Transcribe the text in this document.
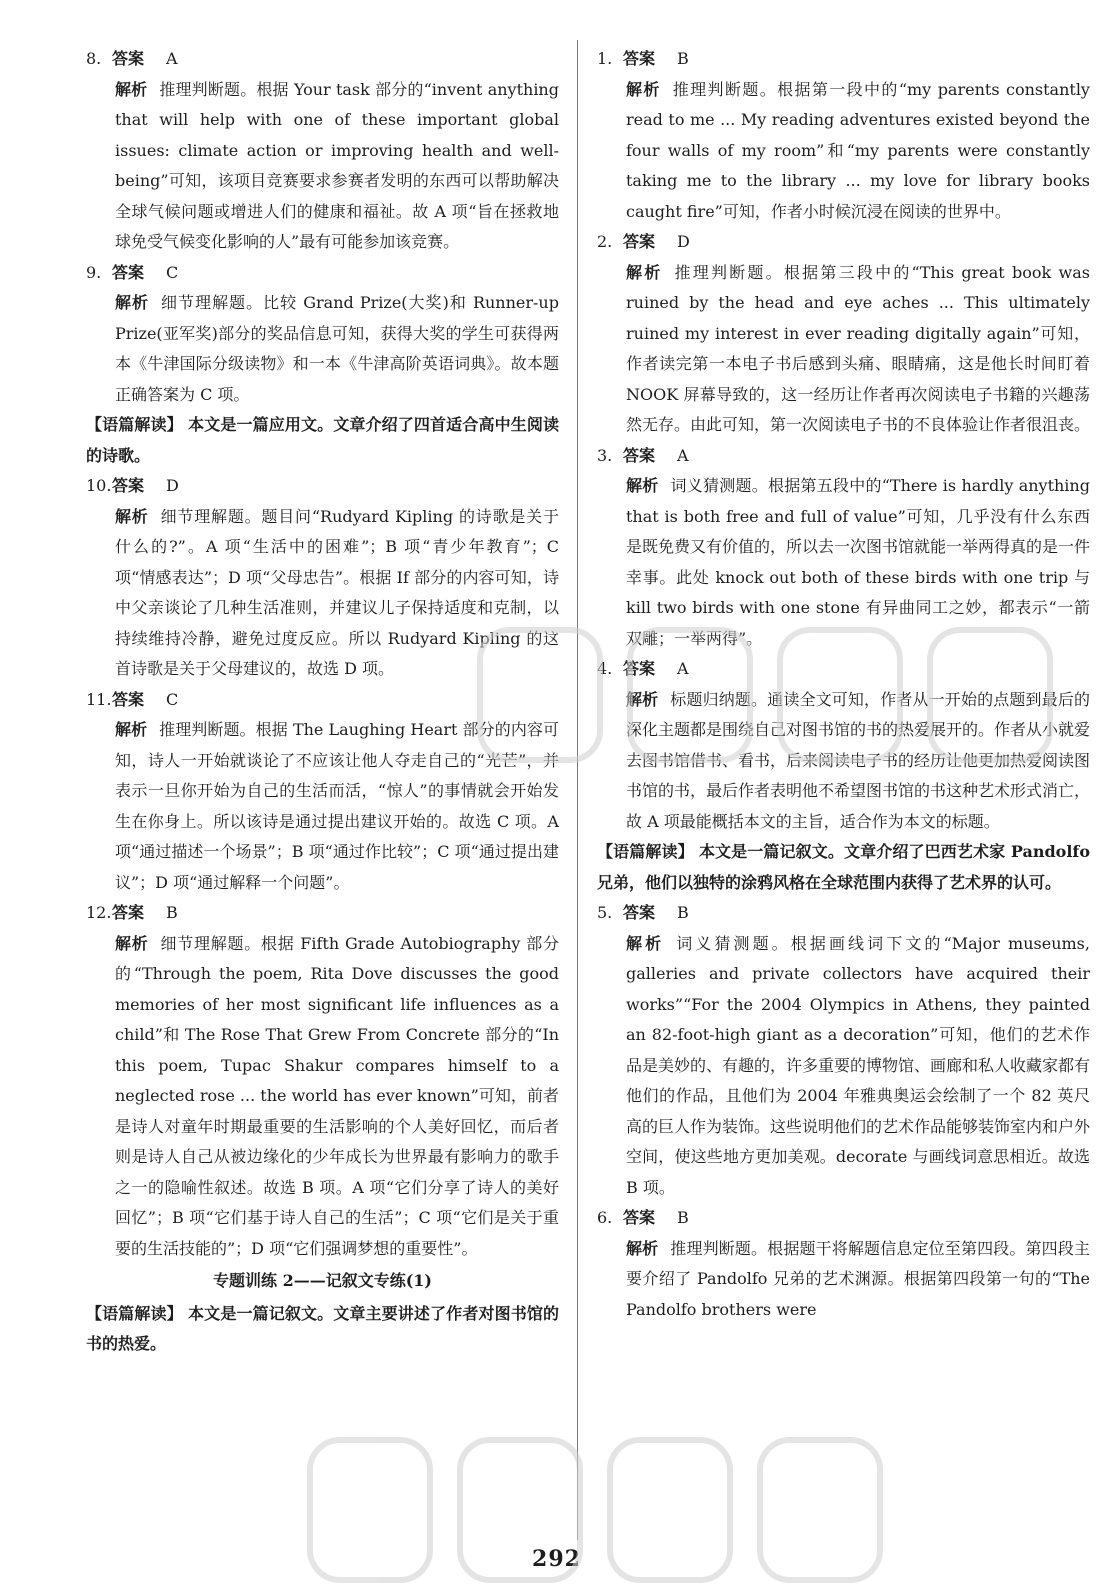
8. 答案 A
解析 推理判断题。根据 Your task 部分的“invent anything that will help with one of these important global issues: climate action or improving health and well-being”可知，该项目竞赛要求参赛者发明的东西可以帮助解决全球气候问题或增进人们的健康和福祉。故 A 项“旨在拯救地球免受气候变化影响的人”最有可能参加该竞赛。
9. 答案 C
解析 细节理解题。比较 Grand Prize(大奖)和 Runner-up Prize(亚军奖)部分的奖品信息可知，获得大奖的学生可获得两本《牛津国际分级读物》和一本《牛津高阶英语词典》。故本题正确答案为 C 项。
【语篇解读】 本文是一篇应用文。文章介绍了四首适合高中生阅读的诗歌。
10.答案 D
解析 细节理解题。题目问“Rudyard Kipling 的诗歌是关于什么的?”。A 项“生活中的困难”；B 项“青少年教育”；C 项“情感表达”；D 项“父母忠告”。根据 If 部分的内容可知，诗中父亲谈论了几种生活准则，并建议儿子保持适度和克制，以持续维持冷静，避免过度反应。所以 Rudyard Kipling 的这首诗歌是关于父母建议的，故选 D 项。
11.答案 C
解析 推理判断题。根据 The Laughing Heart 部分的内容可知，诗人一开始就谈论了不应该让他人夺走自己的“光芒”，并表示一旦你开始为自己的生活而活，“惊人”的事情就会开始发生在你身上。所以该诗是通过提出建议开始的。故选 C 项。A 项“通过描述一个场景”；B 项“通过作比较”；C 项“通过提出建议”；D 项“通过解释一个问题”。
12.答案 B
解析 细节理解题。根据 Fifth Grade Autobiography 部分的“Through the poem, Rita Dove discusses the good memories of her most significant life influences as a child”和 The Rose That Grew From Concrete 部分的“In this poem, Tupac Shakur compares himself to a neglected rose ... the world has ever known”可知，前者是诗人对童年时期最重要的生活影响的个人美好回忆，而后者则是诗人自己从被边缘化的少年成长为世界最有影响力的歌手之一的隐喻性叙述。故选 B 项。A 项“它们分享了诗人的美好回忆”；B 项“它们基于诗人自己的生活”；C 项“它们是关于重要的生活技能的”；D 项“它们强调梦想的重要性”。
专题训练 2——记叙文专练(1)
【语篇解读】 本文是一篇记叙文。文章主要讲述了作者对图书馆的书的热爱。
1. 答案 B
解析 推理判断题。根据第一段中的“my parents constantly read to me ... My reading adventures existed beyond the four walls of my room”和“my parents were constantly taking me to the library ... my love for library books caught fire”可知，作者小时候沉浸在阅读的世界中。
2. 答案 D
解析 推理判断题。根据第三段中的“This great book was ruined by the head and eye aches ... This ultimately ruined my interest in ever reading digitally again”可知，作者读完第一本电子书后感到头痛、眼睛痛，这是他长时间盯着 NOOK 屏幕导致的，这一经历让作者再次阅读电子书籍的兴趣荡然无存。由此可知，第一次阅读电子书的不良体验让作者很沮丧。
3. 答案 A
解析 词义猜测题。根据第五段中的“There is hardly anything that is both free and full of value”可知，几乎没有什么东西是既免费又有价值的，所以去一次图书馆就能一举两得真的是一件幸事。此处 knock out both of these birds with one trip 与 kill two birds with one stone 有异曲同工之妙，都表示“一箭双雕；一举两得”。
4. 答案 A
解析 标题归纳题。通读全文可知，作者从一开始的点题到最后的深化主题都是围绕自己对图书馆的书的热爱展开的。作者从小就爱去图书馆借书、看书，后来阅读电子书的经历让他更加热爱阅读图书馆的书，最后作者表明他不希望图书馆的书这种艺术形式消亡，故 A 项最能概括本文的主旨，适合作为本文的标题。
【语篇解读】 本文是一篇记叙文。文章介绍了巴西艺术家 Pandolfo 兄弟，他们以独特的涂鸦风格在全球范围内获得了艺术界的认可。
5. 答案 B
解析 词义猜测题。根据画线词下文的“Major museums, galleries and private collectors have acquired their works”“For the 2004 Olympics in Athens, they painted an 82-foot-high giant as a decoration”可知，他们的艺术作品是美妙的、有趣的，许多重要的博物馆、画廊和私人收藏家都有他们的作品，且他们为 2004 年雅典奥运会绘制了一个 82 英尺高的巨人作为装饰。这些说明他们的艺术作品能够装饰室内和户外空间，使这些地方更加美观。decorate 与画线词意思相近。故选 B 项。
6. 答案 B
解析 推理判断题。根据题干将解题信息定位至第四段。第四段主要介绍了 Pandolfo 兄弟的艺术渊源。根据第四段第一句的“The Pandolfo brothers were
292
